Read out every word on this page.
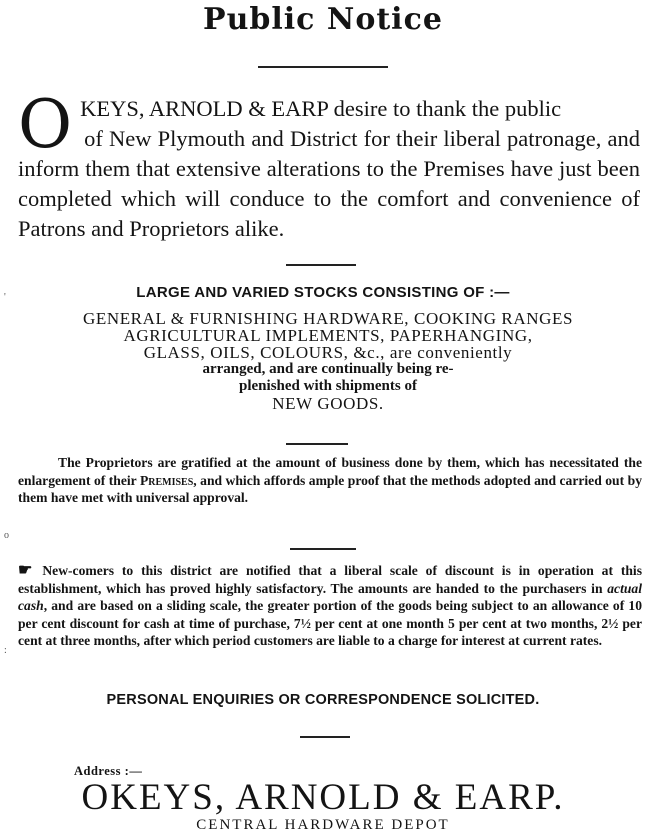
Public Notice
O KEYS, ARNOLD & EARP desire to thank the public
of New Plymouth and District for their liberal patronage, and inform them that extensive alterations to the Premises have just been completed which will conduce to the comfort and convenience of Patrons and Proprietors alike.
LARGE AND VARIED STOCKS CONSISTING OF :—
GENERAL & FURNISHING HARDWARE, COOKING RANGES
AGRICULTURAL IMPLEMENTS, PAPERHANGING,
GLASS, OILS, COLOURS, &c., are conveniently
arranged, and are continually being re-
plenished with shipments of
NEW GOODS.
The Proprietors are gratified at the amount of business done by them, which has necessitated the enlargement of their Premises, and which affords ample proof that the methods adopted and carried out by them have met with universal approval.
☛ New-comers to this district are notified that a liberal scale of discount is in operation at this establishment, which has proved highly satisfactory. The amounts are handed to the purchasers in actual cash, and are based on a sliding scale, the greater portion of the goods being subject to an allowance of 10 per cent discount for cash at time of purchase, 7½ per cent at one month 5 per cent at two months, 2½ per cent at three months, after which period customers are liable to a charge for interest at current rates.
PERSONAL ENQUIRIES OR CORRESPONDENCE SOLICITED.
Address :—
OKEYS, ARNOLD & EARP.
CENTRAL HARDWARE DEPOT
'
o
:
